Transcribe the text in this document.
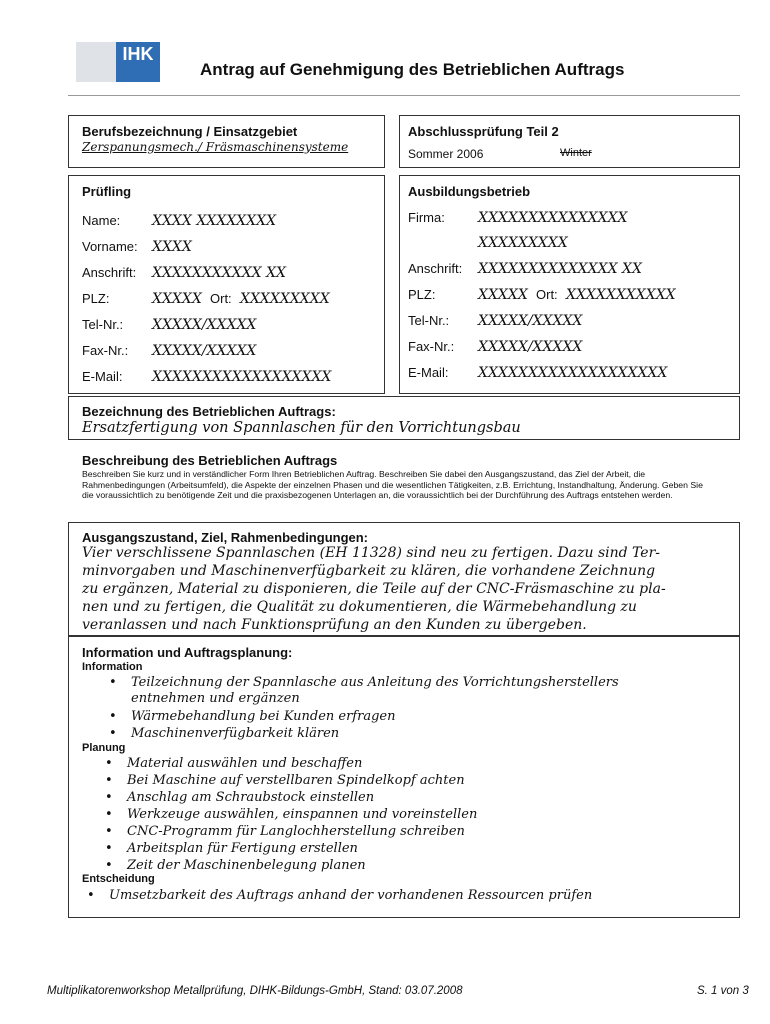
IHK
Antrag auf Genehmigung des Betrieblichen Auftrags
Berufsbezeichnung / Einsatzgebiet
Zerspanungsmech./ Fräsmaschinensysteme
Abschlussprüfung Teil 2
Sommer 2006	Winter
Prüfling
Name: XXXX XXXXXXXX
Vorname: XXXX
Anschrift: XXXXXXXXXXX XX
PLZ:	XXXXX Ort: XXXXXXXXX
Tel-Nr.: XXXXX/XXXXX
Fax-Nr.: XXXXX/XXXXX
E-Mail: XXXXXXXXXXXXXXXXXX
Ausbildungsbetrieb
Firma: XXXXXXXXXXXXXXX
XXXXXXXXX
Anschrift: XXXXXXXXXXXXXX XX
PLZ:	XXXXX Ort: XXXXXXXXXXX
Tel-Nr.: XXXXX/XXXXX
Fax-Nr.: XXXXX/XXXXX
E-Mail: XXXXXXXXXXXXXXXXXXX
Bezeichnung des Betrieblichen Auftrags:
Ersatzfertigung von Spannlaschen für den Vorrichtungsbau
Beschreibung des Betrieblichen Auftrags
Beschreiben Sie kurz und in verständlicher Form Ihren Betrieblichen Auftrag. Beschreiben Sie dabei den Ausgangszustand, das Ziel der Arbeit, die Rahmenbedingungen (Arbeitsumfeld), die Aspekte der einzelnen Phasen und die wesentlichen Tätigkeiten, z.B. Errichtung, Instandhaltung, Änderung. Geben Sie die voraussichtlich zu benötigende Zeit und die praxisbezogenen Unterlagen an, die voraussichtlich bei der Durchführung des Auftrags entstehen werden.
Ausgangszustand, Ziel, Rahmenbedingungen:
Vier verschlissene Spannlaschen (EH 11328) sind neu zu fertigen. Dazu sind Ter-
minvorgaben und Maschinenverfügbarkeit zu klären, die vorhandene Zeichnung
zu ergänzen, Material zu disponieren, die Teile auf der CNC-Fräsmaschine zu pla-
nen und zu fertigen, die Qualität zu dokumentieren, die Wärmebehandlung zu
veranlassen und nach Funktionsprüfung an den Kunden zu übergeben.
Information und Auftragsplanung:
Information
• Teilzeichnung der Spannlasche aus Anleitung des Vorrichtungsherstellers
entnehmen und ergänzen
• Wärmebehandlung bei Kunden erfragen
• Maschinenverfügbarkeit klären
Planung
• Material auswählen und beschaffen
• Bei Maschine auf verstellbaren Spindelkopf achten
• Anschlag am Schraubstock einstellen
• Werkzeuge auswählen, einspannen und voreinstellen
• CNC-Programm für Langlochherstellung schreiben
• Arbeitsplan für Fertigung erstellen
• Zeit der Maschinenbelegung planen
Entscheidung
• Umsetzbarkeit des Auftrags anhand der vorhandenen Ressourcen prüfen
Multiplikatorenworkshop Metallprüfung, DIHK-Bildungs-GmbH, Stand: 03.07.2008	S. 1 von 3
